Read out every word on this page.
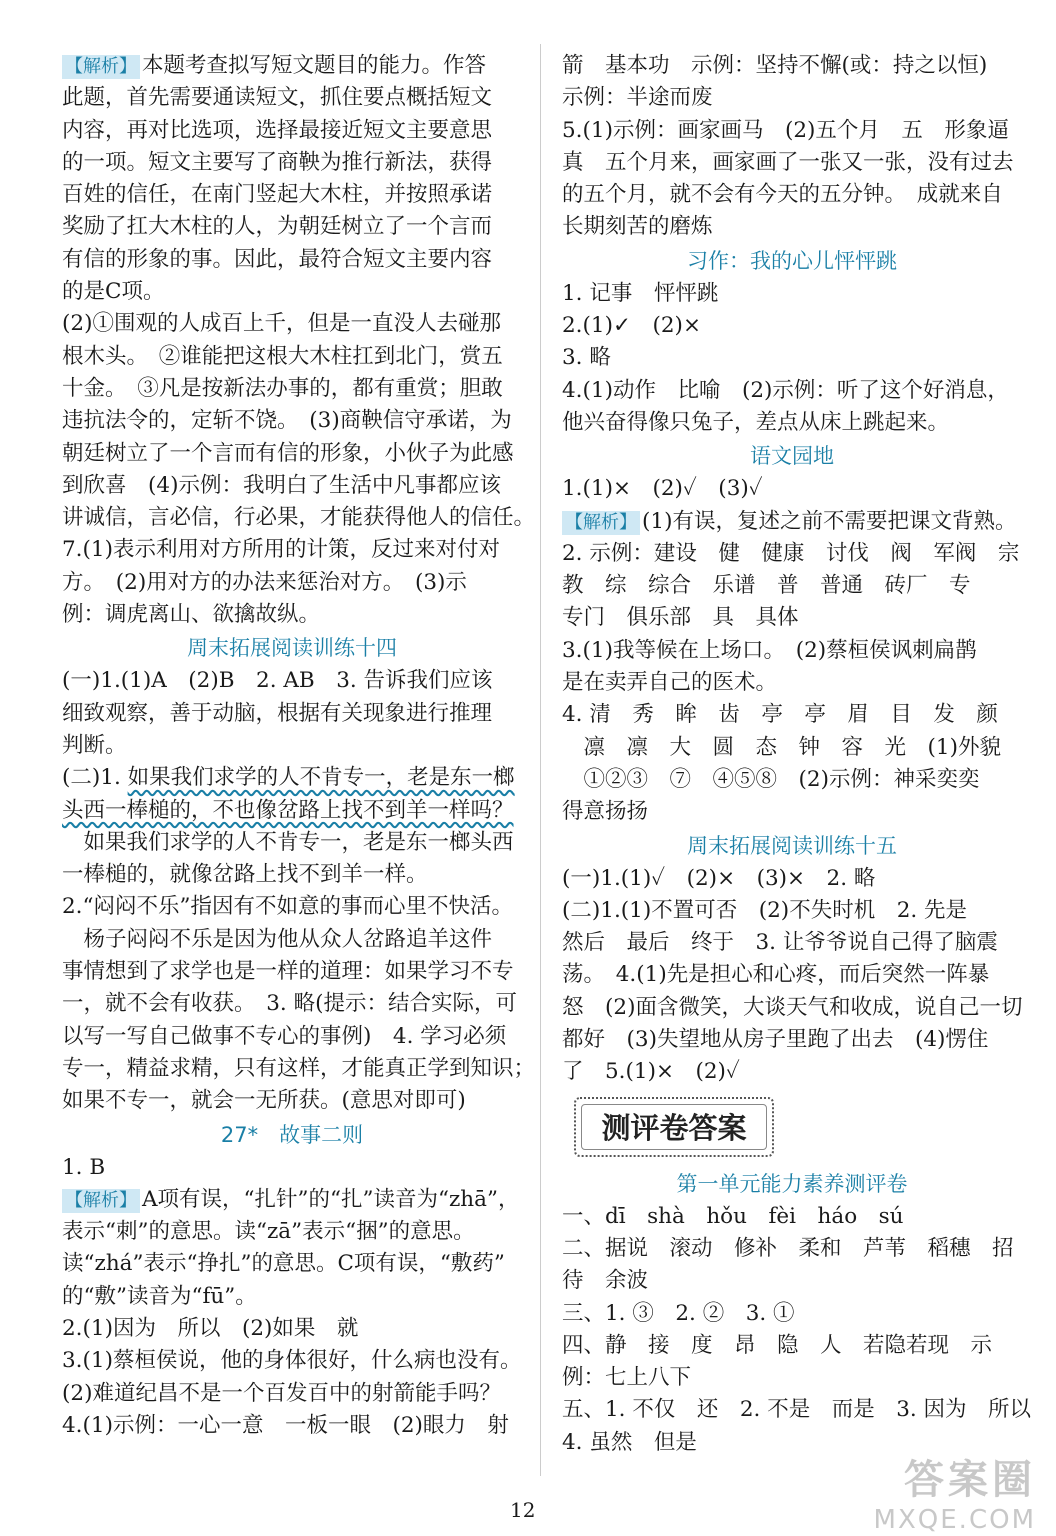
【解析】 本题考查拟写短文题目的能力。作答
此题，首先需要通读短文，抓住要点概括短文
内容，再对比选项，选择最接近短文主要意思
的一项。短文主要写了商鞅为推行新法，获得
百姓的信任，在南门竖起大木柱，并按照承诺
奖励了扛大木柱的人，为朝廷树立了一个言而
有信的形象的事。因此，最符合短文主要内容
的是C项。
(2)①围观的人成百上千，但是一直没人去碰那
根木头。　②谁能把这根大木柱扛到北门，赏五
十金。　③凡是按新法办事的，都有重赏；胆敢
违抗法令的，定斩不饶。　(3)商鞅信守承诺，为
朝廷树立了一个言而有信的形象，小伙子为此感
到欣喜　(4)示例：我明白了生活中凡事都应该
讲诚信，言必信，行必果，才能获得他人的信任。
7.(1)表示利用对方所用的计策，反过来对付对
方。　(2)用对方的办法来惩治对方。　(3)示
例：调虎离山、欲擒故纵。
周末拓展阅读训练十四
(一)1.(1)A　(2)B　2. AB　3. 告诉我们应该
细致观察，善于动脑，根据有关现象进行推理
判断。
(二)1. 如果我们求学的人不肯专一，老是东一榔
头西一棒槌的，不也像岔路上找不到羊一样吗？
　如果我们求学的人不肯专一，老是东一榔头西
一棒槌的，就像岔路上找不到羊一样。
2.“闷闷不乐”指因有不如意的事而心里不快活。
　杨子闷闷不乐是因为他从众人岔路追羊这件
事情想到了求学也是一样的道理：如果学习不专
一，就不会有收获。　3. 略(提示：结合实际，可
以写一写自己做事不专心的事例)　4. 学习必须
专一，精益求精，只有这样，才能真正学到知识；
如果不专一，就会一无所获。(意思对即可)
27*　故事二则
1. B
【解析】 A项有误，“扎针”的“扎”读音为“zhā”，
表示“刺”的意思。读“zā”表示“捆”的意思。
读“zhá”表示“挣扎”的意思。C项有误，“敷药”
的“敷”读音为“fū”。
2.(1)因为　所以　(2)如果　就
3.(1)蔡桓侯说，他的身体很好，什么病也没有。
(2)难道纪昌不是一个百发百中的射箭能手吗？
4.(1)示例：一心一意　一板一眼　(2)眼力　射
箭　基本功　示例：坚持不懈(或：持之以恒)
示例：半途而废
5.(1)示例：画家画马　(2)五个月　五　形象逼
真　五个月来，画家画了一张又一张，没有过去
的五个月，就不会有今天的五分钟。　成就来自
长期刻苦的磨炼
习作：我的心儿怦怦跳
1. 记事　怦怦跳
2.(1)✓　(2)×
3. 略
4.(1)动作　比喻　(2)示例：听了这个好消息，
他兴奋得像只兔子，差点从床上跳起来。
语文园地
1.(1)×　(2)✓　(3)✓
【解析】 (1)有误，复述之前不需要把课文背熟。
2. 示例：建设　健　健康　讨伐　阀　军阀　宗
教　综　综合　乐谱　普　普通　砖厂　专
专门　俱乐部　具　具体
3.(1)我等候在上场口。　(2)蔡桓侯讽刺扁鹊
是在卖弄自己的医术。
4. 清　秀　眸　齿　亭　亭　眉　目　发　颜
　凛　凛　大　圆　态　钟　容　光　(1)外貌
　①②③　⑦　④⑤⑧　(2)示例：神采奕奕
得意扬扬
周末拓展阅读训练十五
(一)1.(1)✓　(2)×　(3)×　2. 略
(二)1.(1)不置可否　(2)不失时机　2. 先是
然后　最后　终于　3. 让爷爷说自己得了脑震
荡。　4.(1)先是担心和心疼，而后突然一阵暴
怒　(2)面含微笑，大谈天气和收成，说自己一切
都好　(3)失望地从房子里跑了出去　(4)愣住
了　5.(1)×　(2)✓
测评卷答案
第一单元能力素养测评卷
一、dī　shà　hǒu　fèi　háo　sú
二、据说　滚动　修补　柔和　芦苇　稻穗　招
待　余波
三、1. ③　2. ②　3. ①
四、静　接　度　昂　隐　人　若隐若现　示
例：七上八下
五、1. 不仅　还　2. 不是　而是　3. 因为　所以
4. 虽然　但是
12
答案圈
MXQE.COM
